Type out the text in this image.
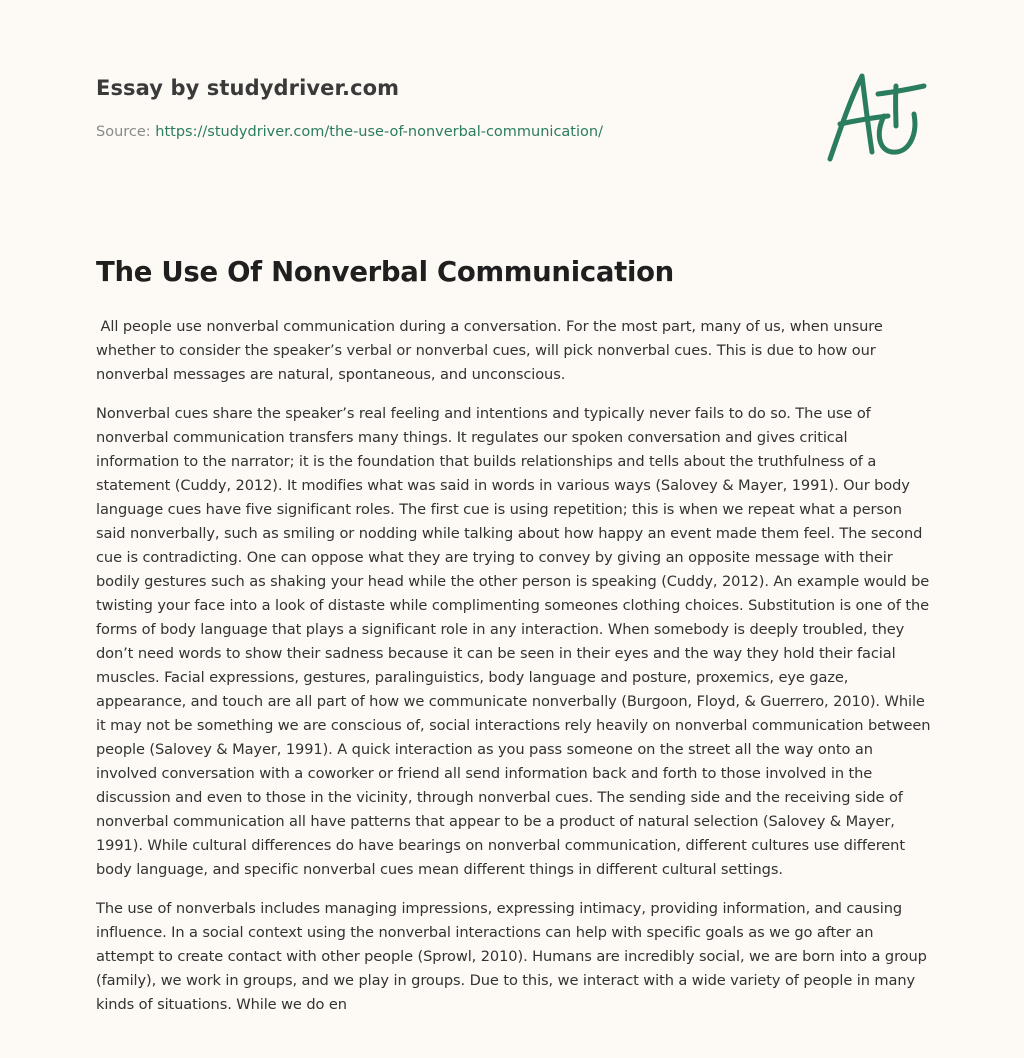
Essay by studydriver.com
Source: https://studydriver.com/the-use-of-nonverbal-communication/
The Use Of Nonverbal Communication

All people use nonverbal communication during a conversation. For the most part, many of us, when unsure whether to consider the speaker’s verbal or nonverbal cues, will pick nonverbal cues. This is due to how our nonverbal messages are natural, spontaneous, and unconscious.

Nonverbal cues share the speaker’s real feeling and intentions and typically never fails to do so. The use of nonverbal communication transfers many things. It regulates our spoken conversation and gives critical information to the narrator; it is the foundation that builds relationships and tells about the truthfulness of a statement (Cuddy, 2012). It modifies what was said in words in various ways (Salovey & Mayer, 1991). Our body language cues have five significant roles. The first cue is using repetition; this is when we repeat what a person said nonverbally, such as smiling or nodding while talking about how happy an event made them feel. The second cue is contradicting. One can oppose what they are trying to convey by giving an opposite message with their bodily gestures such as shaking your head while the other person is speaking (Cuddy, 2012). An example would be twisting your face into a look of distaste while complimenting someones clothing choices. Substitution is one of the forms of body language that plays a significant role in any interaction. When somebody is deeply troubled, they don’t need words to show their sadness because it can be seen in their eyes and the way they hold their facial muscles. Facial expressions, gestures, paralinguistics, body language and posture, proxemics, eye gaze, appearance, and touch are all part of how we communicate nonverbally (Burgoon, Floyd, & Guerrero, 2010). While it may not be something we are conscious of, social interactions rely heavily on nonverbal communication between people (Salovey & Mayer, 1991). A quick interaction as you pass someone on the street all the way onto an involved conversation with a coworker or friend all send information back and forth to those involved in the discussion and even to those in the vicinity, through nonverbal cues. The sending side and the receiving side of nonverbal communication all have patterns that appear to be a product of natural selection (Salovey & Mayer, 1991). While cultural differences do have bearings on nonverbal communication, different cultures use different body language, and specific nonverbal cues mean different things in different cultural settings.

The use of nonverbals includes managing impressions, expressing intimacy, providing information, and causing influence. In a social context using the nonverbal interactions can help with specific goals as we go after an attempt to create contact with other people (Sprowl, 2010). Humans are incredibly social, we are born into a group (family), we work in groups, and we play in groups. Due to this, we interact with a wide variety of people in many kinds of situations. While we do en
